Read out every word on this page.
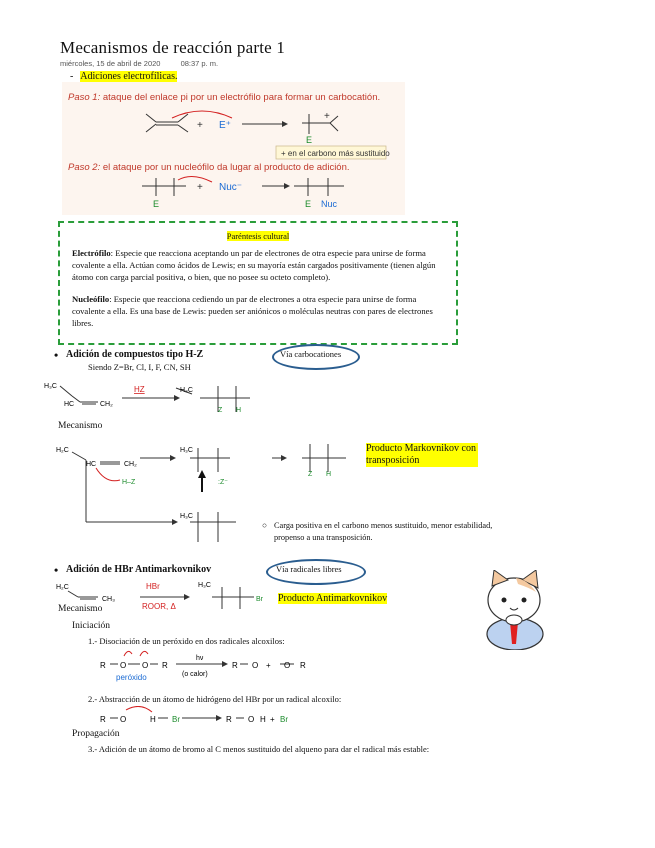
Mecanismos de reacción parte 1
miércoles, 15 de abril de 2020	08:37 p. m.
- Adiciones electrofílicas.
Paso 1: ataque del enlace pi por un electrófilo para formar un carbocatión.
+ E⁺
E
+
+ en el carbono más sustituido
Paso 2: el ataque por un nucleófilo da lugar al producto de adición.
+ Nuc⁻
E	E Nuc
Paréntesis cultural

Electrófilo: Especie que reacciona aceptando un par de electrones de otra especie para unirse de forma covalente a ella. Actúan como ácidos de Lewis; en su mayoría están cargados positivamente (tienen algún átomo con carga parcial positiva, o bien, que no posee su octeto completo).

Nucleófilo: Especie que reacciona cediendo un par de electrones a otra especie para unirse de forma covalente a ella. Es una base de Lewis: pueden ser aniónicos o moléculas neutras con pares de electrones libres.

• Adición de compuestos tipo H-Z	Vía carbocationes
Siendo Z=Br, Cl, I, F, CN, SH
H₃C
HC	CH₂
HZ	H₃C
H₂C
HC	CH₂
H–Z
H₃C
:Z⁻
Z H
Z H
H₃C
Mecanismo
Producto Markovnikov con transposición
○ Carga positiva en el carbono menos sustituido, menor estabilidad, propenso a una transposición.
• Adición de HBr Antimarkovnikov	Vía radicales libres
H₂C
CH₃
HBr
ROOR, Δ
H₃C
Br Producto Antimarkovnikov
Mecanismo
Iniciación
1.- Disociación de un peróxido en dos radicales alcoxilos:
R O O R
peróxido
hν
(o calor)
R O + O R
2.- Abstracción de un átomo de hidrógeno del HBr por un radical alcoxilo:
R O	H Br	R O H + Br
Propagación
3.- Adición de un átomo de bromo al C menos sustituido del alqueno para dar el radical más estable:
